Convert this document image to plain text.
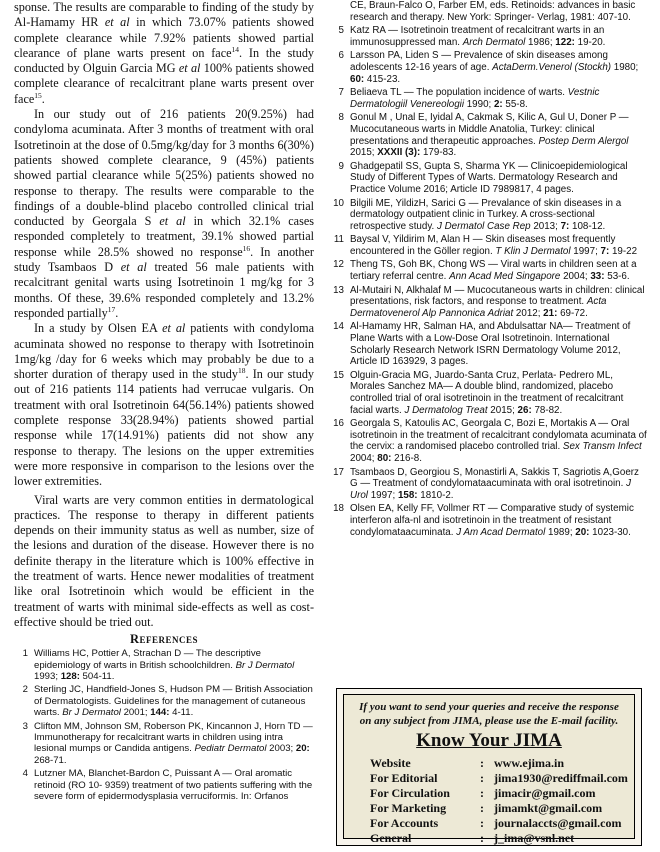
sponse. The results are comparable to finding of the study by Al-Hamamy HR et al in which 73.07% patients showed complete clearance while 7.92% patients showed partial clearance of plane warts present on face$^{14}$. In the study conducted by Olguin Garcia MG et al 100% patients showed complete clearance of recalcitrant plane warts present over face$^{15}$.

In our study out of 216 patients 20(9.25%) had condyloma acuminata. After 3 months of treatment with oral Isotretinoin at the dose of 0.5mg/kg/day for 3 months 6(30%) patients showed complete clearance, 9 (45%) patients showed partial clearance while 5(25%) patients showed no response to therapy. The results were comparable to the findings of a double-blind placebo controlled clinical trial conducted by Georgala S et al in which 32.1% cases responded completely to treatment, 39.1% showed partial response while 28.5% showed no response$^{16}$. In another study Tsambaos D et al treated 56 male patients with recalcitrant genital warts using Isotretinoin 1 mg/kg for 3 months. Of these, 39.6% responded completely and 13.2% responded partially$^{17}$.

In a study by Olsen EA et al patients with condyloma acuminata showed no response to therapy with Isotretinoin 1mg/kg /day for 6 weeks which may probably be due to a shorter duration of therapy used in the study$^{18}$. In our study out of 216 patients 114 patients had verrucae vulgaris. On treatment with oral Isotretinoin 64(56.14%) patients showed complete response 33(28.94%) patients showed partial response while 17(14.91%) patients did not show any response to therapy. The lesions on the upper extremities were more responsive in comparison to the lesions over the lower extremities.

Viral warts are very common entities in dermatological practices. The response to therapy in different patients depends on their immunity status as well as number, size of the lesions and duration of the disease. However there is no definite therapy in the literature which is 100% effective in the treatment of warts. Hence newer modalities of treatment like oral Isotretinoin which would be efficient in the treatment of warts with minimal side-effects as well as cost-effective should be tried out.

References
1 Williams HC, Pottier A, Strachan D — The descriptive epidemiology of warts in British schoolchildren. Br J Dermatol 1993; 128: 504-11.
2 Sterling JC, Handfield-Jones S, Hudson PM — British Association of Dermatologists. Guidelines for the management of cutaneous warts. Br J Dermatol 2001; 144: 4-11.
3 Clifton MM, Johnson SM, Roberson PK, Kincannon J, Horn TD — Immunotherapy for recalcitrant warts in children using intra lesional mumps or Candida antigens. Pediatr Dermatol 2003; 20: 268-71.
4 Lutzner MA, Blanchet-Bardon C, Puissant A — Oral aromatic retinoid (RO 10- 9359) treatment of two patients suffering with the severe form of epidermodysplasia verruciformis. In: Orfanos

CE, Braun-Falco O, Farber EM, eds. Retinoids: advances in basic research and therapy. New York: Springer- Verlag, 1981: 407-10.

5 Katz RA — Isotretinoin treatment of recalcitrant warts in an immunosuppressed man. Arch Dermatol 1986; 122: 19-20.
6 Larsson PA, Liden S — Prevalence of skin diseases among adolescents 12-16 years of age. ActaDerm.Venerol (Stockh) 1980; 60: 415-23.
7 Beliaeva TL — The population incidence of warts. Vestnic Dermatologiil Venereologii 1990; 2: 55-8.
8 Gonul M , Unal E, Iyidal A, Cakmak S, Kilic A, Gul U, Doner P — Mucocutaneous warts in Middle Anatolia, Turkey: clinical presentations and therapeutic approaches. Postep Derm Alergol 2015; XXXII (3): 179-83.
9 Ghadgepatil SS, Gupta S, Sharma YK — Clinicoepidemiological Study of Different Types of Warts. Dermatology Research and Practice Volume 2016; Article ID 7989817, 4 pages.
10 Bilgili ME, YildizH, Sarici G — Prevalance of skin diseases in a dermatology outpatient clinic in Turkey. A cross-sectional retrospective study. J Dermatol Case Rep 2013; 7: 108-12.
11 Baysal V, Yildirim M, Alan H — Skin diseases most frequently encountered in the Göller region. T Klin J Dermatol 1997; 7: 19-22
12 Theng TS, Goh BK, Chong WS — Viral warts in children seen at a tertiary referral centre. Ann Acad Med Singapore 2004; 33: 53-6.
13 Al-Mutairi N, Alkhalaf M — Mucocutaneous warts in children: clinical presentations, risk factors, and response to treatment. Acta Dermatovenerol Alp Pannonica Adriat 2012; 21: 69-72.
14 Al-Hamamy HR, Salman HA, and Abdulsattar NA— Treatment of Plane Warts with a Low-Dose Oral Isotretinoin. International Scholarly Research Network ISRN Dermatology Volume 2012, Article ID 163929, 3 pages.
15 Olguin-Gracia MG, Juardo-Santa Cruz, Perlata- Pedrero ML, Morales Sanchez MA— A double blind, randomized, placebo controlled trial of oral isotretinoin in the treatment of recalcitrant facial warts. J Dermatolog Treat 2015; 26: 78-82.
16 Georgala S, Katoulis AC, Georgala C, Bozi E, Mortakis A — Oral isotretinoin in the treatment of recalcitrant condylomata acuminata of the cervix: a randomised placebo controlled trial. Sex Transm Infect 2004; 80: 216-8.
17 Tsambaos D, Georgiou S, Monastirli A, Sakkis T, Sagriotis A,Goerz G — Treatment of condylomataacuminata with oral isotretinoin. J Urol 1997; 158: 1810-2.
18 Olsen EA, Kelly FF, Vollmer RT — Comparative study of systemic interferon alfa-nl and isotretinoin in the treatment of resistant condylomataacuminata. J Am Acad Dermatol 1989; 20: 1023-30.
If you want to send your queries and receive the response
on any subject from JIMA, please use the E-mail facility.
Know Your JIMA
Website	: www.ejima.in
For Editorial	: jima1930@rediffmail.com
For Circulation	: jimacir@gmail.com
For Marketing	: jimamkt@gmail.com
For Accounts	: journalaccts@gmail.com
General	: j_ima@vsnl.net
